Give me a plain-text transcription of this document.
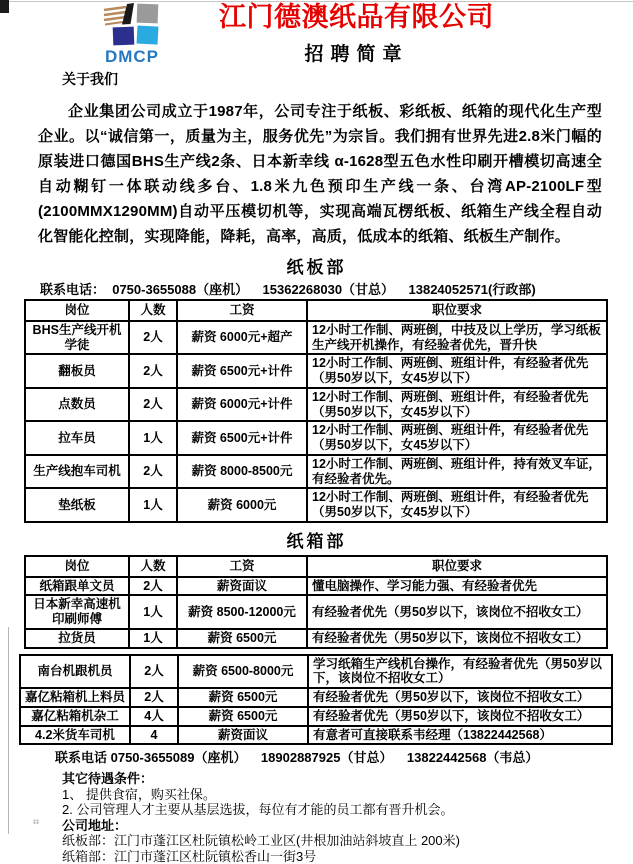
DMCP
江门德澳纸品有限公司
招聘简章
关于我们

企业集团公司成立于1987年，公司专注于纸板、彩纸板、纸箱的现代化生产型企业。以“诚信第一，质量为主，服务优先”为宗旨。我们拥有世界先进2.8米门幅的原装进口德国BHS生产线2条、日本新幸线 α-1628型五色水性印刷开槽模切高速全自动糊钉一体联动线多台、1.8米九色预印生产线一条、台湾AP-2100LF型(2100MMX1290MM)自动平压模切机等，实现高端瓦楞纸板、纸箱生产线全程自动化智能化控制，实现降能，降耗，高率，高质，低成本的纸箱、纸板生产制作。

纸板部
联系电话：  0750-3655088（座机）    15362268030（甘总）    13824052571(行政部)
岗位	人数	工资	职位要求
BHS生产线开机学徒	2人	薪资 6000元+超产	12小时工作制、两班倒，中技及以上学历，学习纸板生产线开机操作，有经验者优先，晋升快
翻板员	2人	薪资 6500元+计件	12小时工作制、两班倒、班组计件，有经验者优先（男50岁以下，女45岁以下）
点数员	2人	薪资 6000元+计件	12小时工作制、两班倒、班组计件，有经验者优先（男50岁以下，女45岁以下）
拉车员	1人	薪资 6500元+计件	12小时工作制、两班倒、班组计件，有经验者优先（男50岁以下，女45岁以下）
生产线抱车司机	2人	薪资 8000-8500元	12小时工作制、两班倒、班组计件，持有效叉车证，有经验者优先。
垫纸板	1人	薪资 6000元	12小时工作制、两班倒、班组计件，有经验者优先（男50岁以下，女45岁以下）
纸箱部
岗位	人数	工资	职位要求
纸箱跟单文员	2人	薪资面议	懂电脑操作、学习能力强、有经验者优先
日本新幸高速机印刷师傅	1人	薪资 8500-12000元	有经验者优先（男50岁以下，该岗位不招收女工）
拉货员	1人	薪资 6500元	有经验者优先（男50岁以下，该岗位不招收女工）
南台机跟机员	2人	薪资 6500-8000元	学习纸箱生产线机台操作，有经验者优先（男50岁以下，该岗位不招收女工）
嘉亿粘箱机上料员	2人	薪资 6500元	有经验者优先（男50岁以下，该岗位不招收女工）
嘉亿粘箱机杂工	4人	薪资 6500元	有经验者优先（男50岁以下，该岗位不招收女工）
4.2米货车司机	4	薪资面议	有意者可直接联系韦经理（13822442568）
联系电话 0750-3655089（座机）    18902887925（甘总）    13822442568（韦总）
其它待遇条件：
1、 提供食宿，购买社保。
2. 公司管理人才主要从基层选拔，每位有才能的员工都有晋升机会。
公司地址：
纸板部：江门市蓬江区杜阮镇松岭工业区(井根加油站斜坡直上 200米)
纸箱部：江门市蓬江区杜阮镇松香山一街3号
